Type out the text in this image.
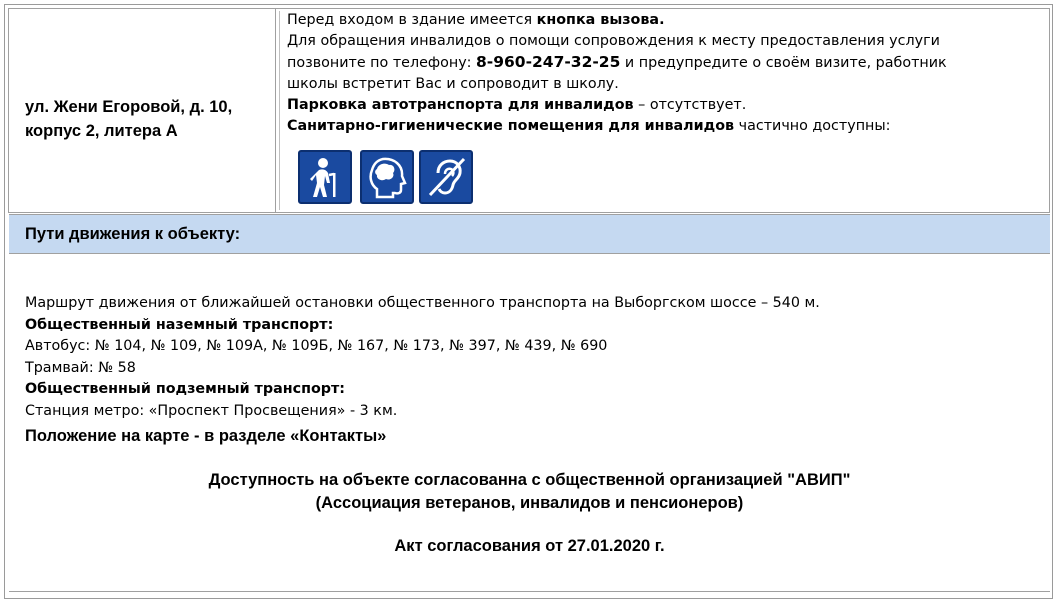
ул. Жени Егоровой, д. 10, корпус 2, литера А

Перед входом в здание имеется кнопка вызова.

Для обращения инвалидов о помощи сопровождения к месту предоставления услуги

позвоните по телефону: 8-960-247-32-25 и предупредите о своём визите, работник

школы встретит Вас и сопроводит в школу.

Парковка автотранспорта для инвалидов – отсутствует.

Санитарно-гигиенические помещения для инвалидов частично доступны:

Пути движения к объекту:

Маршрут движения от ближайшей остановки общественного транспорта на Выборгском шоссе – 540 м.

Общественный наземный транспорт:

Автобус: № 104, № 109, № 109А, № 109Б, № 167, № 173, № 397, № 439, № 690

Трамвай: № 58

Общественный подземный транспорт:

Станция метро: «Проспект Просвещения» - 3 км.

Положение на карте - в разделе «Контакты»
Доступность на объекте согласованна с общественной организацией "АВИП"
(Ассоциация ветеранов, инвалидов и пенсионеров)
Акт согласования от 27.01.2020 г.
